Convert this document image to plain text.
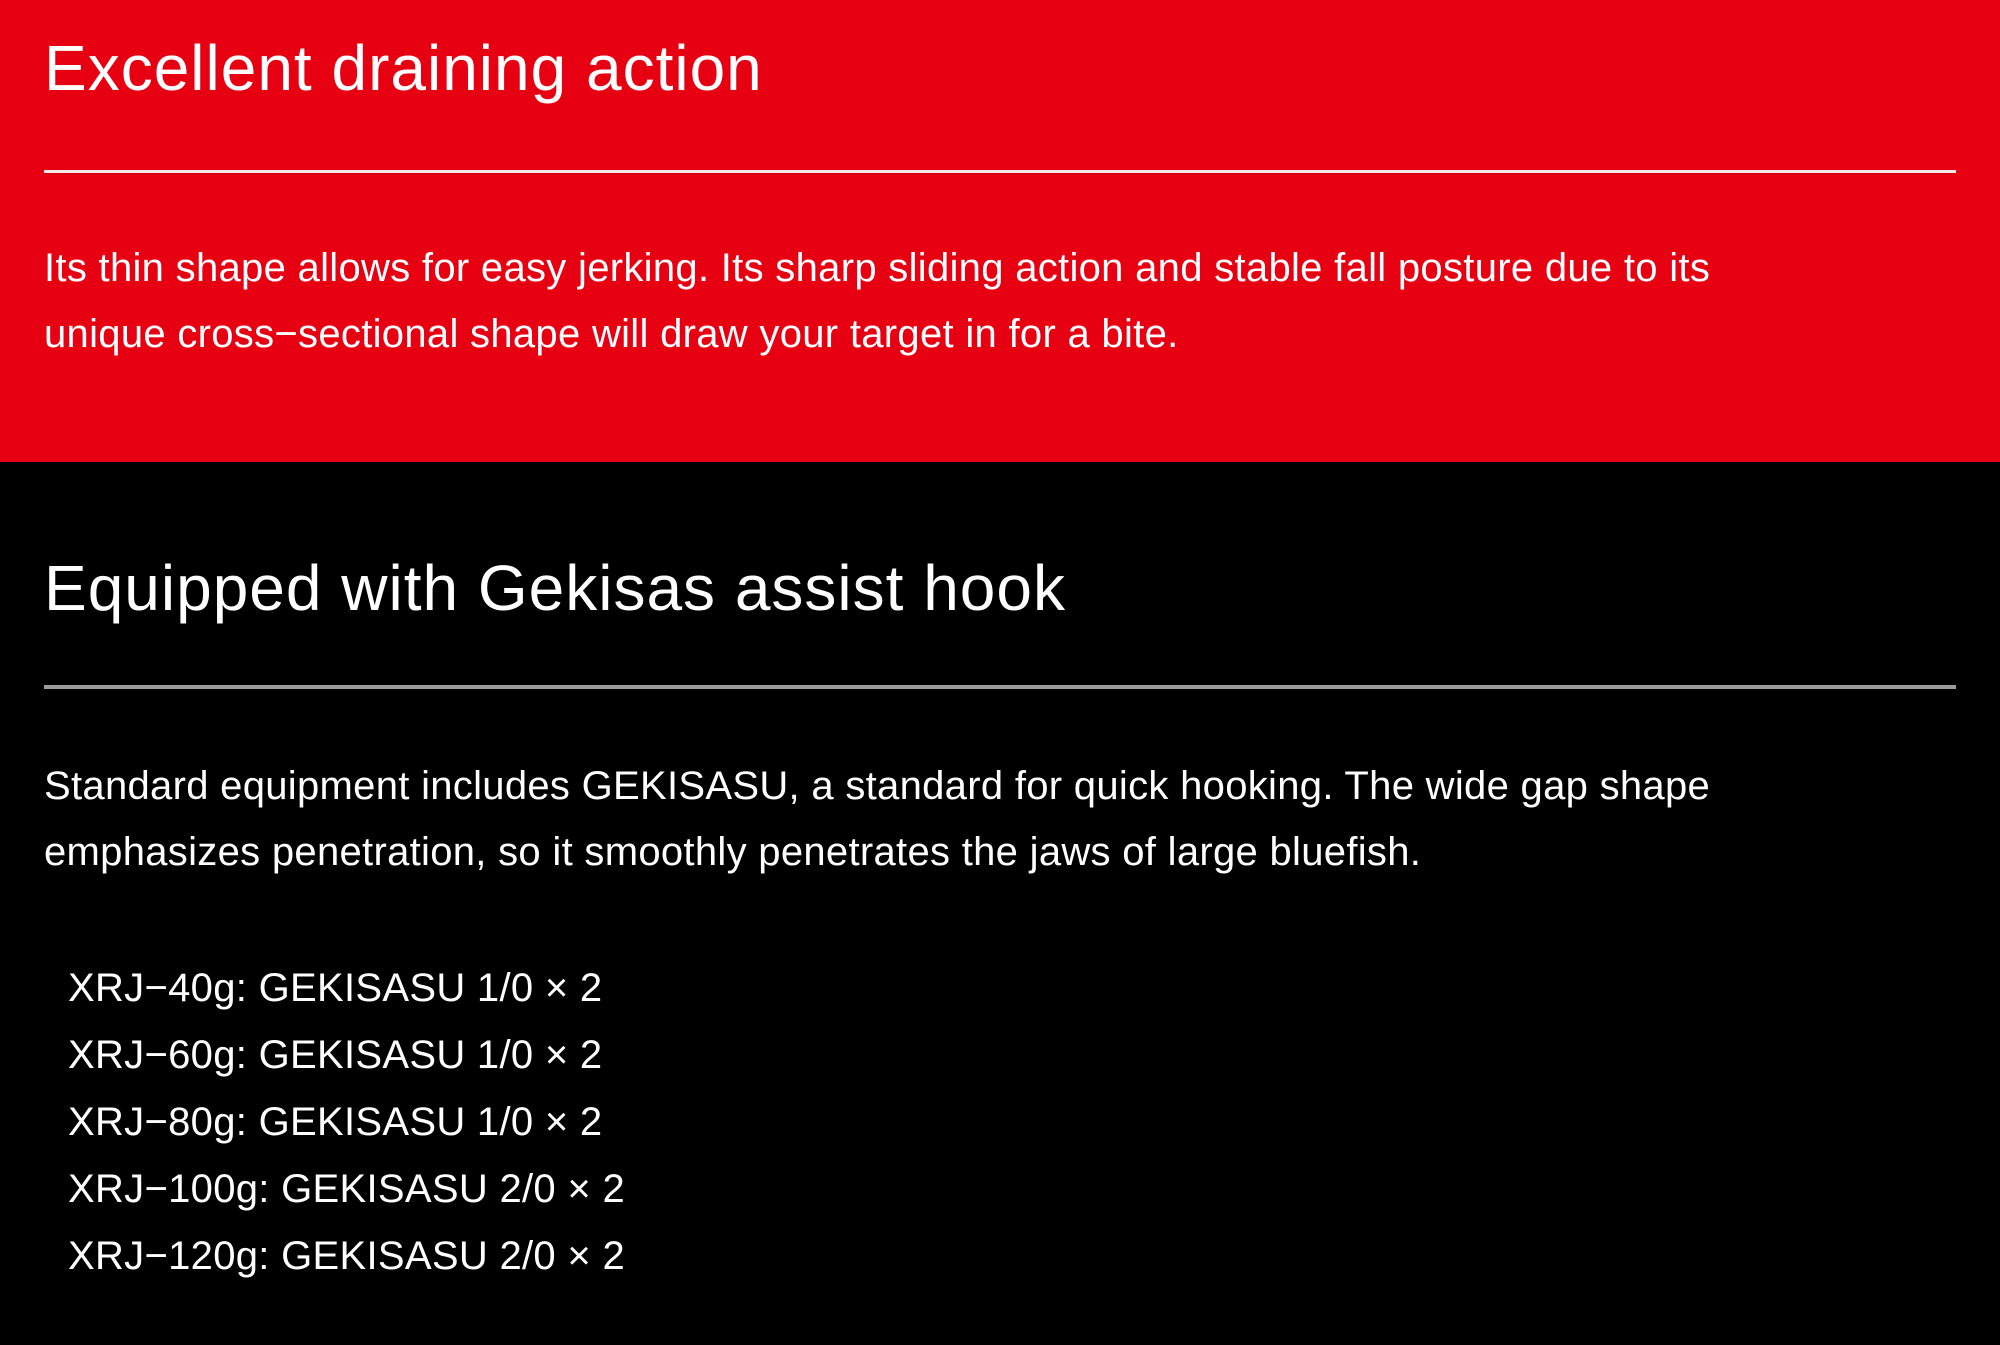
Excellent draining action
Its thin shape allows for easy jerking. Its sharp sliding action and stable fall posture due to its
unique cross−sectional shape will draw your target in for a bite.
Equipped with Gekisas assist hook
Standard equipment includes GEKISASU, a standard for quick hooking. The wide gap shape
emphasizes penetration, so it smoothly penetrates the jaws of large bluefish.
XRJ−40g: GEKISASU 1/0 × 2
XRJ−60g: GEKISASU 1/0 × 2
XRJ−80g: GEKISASU 1/0 × 2
XRJ−100g: GEKISASU 2/0 × 2
XRJ−120g: GEKISASU 2/0 × 2
